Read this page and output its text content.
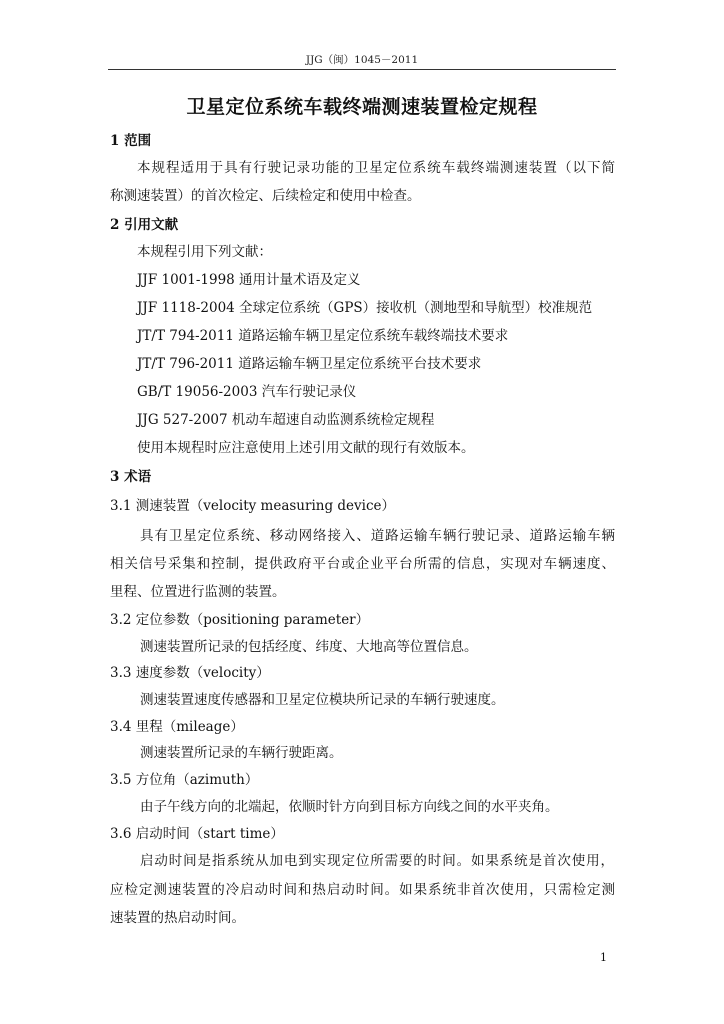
JJG（闽）1045－2011
卫星定位系统车载终端测速装置检定规程
1 范围
本规程适用于具有行驶记录功能的卫星定位系统车载终端测速装置（以下简
称测速装置）的首次检定、后续检定和使用中检查。
2 引用文献
本规程引用下列文献：
JJF 1001-1998 通用计量术语及定义
JJF 1118-2004 全球定位系统（GPS）接收机（测地型和导航型）校准规范
JT/T 794-2011 道路运输车辆卫星定位系统车载终端技术要求
JT/T 796-2011 道路运输车辆卫星定位系统平台技术要求
GB/T 19056-2003 汽车行驶记录仪
JJG 527-2007 机动车超速自动监测系统检定规程
使用本规程时应注意使用上述引用文献的现行有效版本。
3 术语
3.1 测速装置（velocity measuring device）
具有卫星定位系统、移动网络接入、道路运输车辆行驶记录、道路运输车辆
相关信号采集和控制，提供政府平台或企业平台所需的信息，实现对车辆速度、
里程、位置进行监测的装置。
3.2 定位参数（positioning parameter）
测速装置所记录的包括经度、纬度、大地高等位置信息。
3.3 速度参数（velocity）
测速装置速度传感器和卫星定位模块所记录的车辆行驶速度。
3.4 里程（mileage）
测速装置所记录的车辆行驶距离。
3.5 方位角（azimuth）
由子午线方向的北端起，依顺时针方向到目标方向线之间的水平夹角。
3.6 启动时间（start time）
启动时间是指系统从加电到实现定位所需要的时间。如果系统是首次使用，
应检定测速装置的冷启动时间和热启动时间。如果系统非首次使用，只需检定测
速装置的热启动时间。
1
